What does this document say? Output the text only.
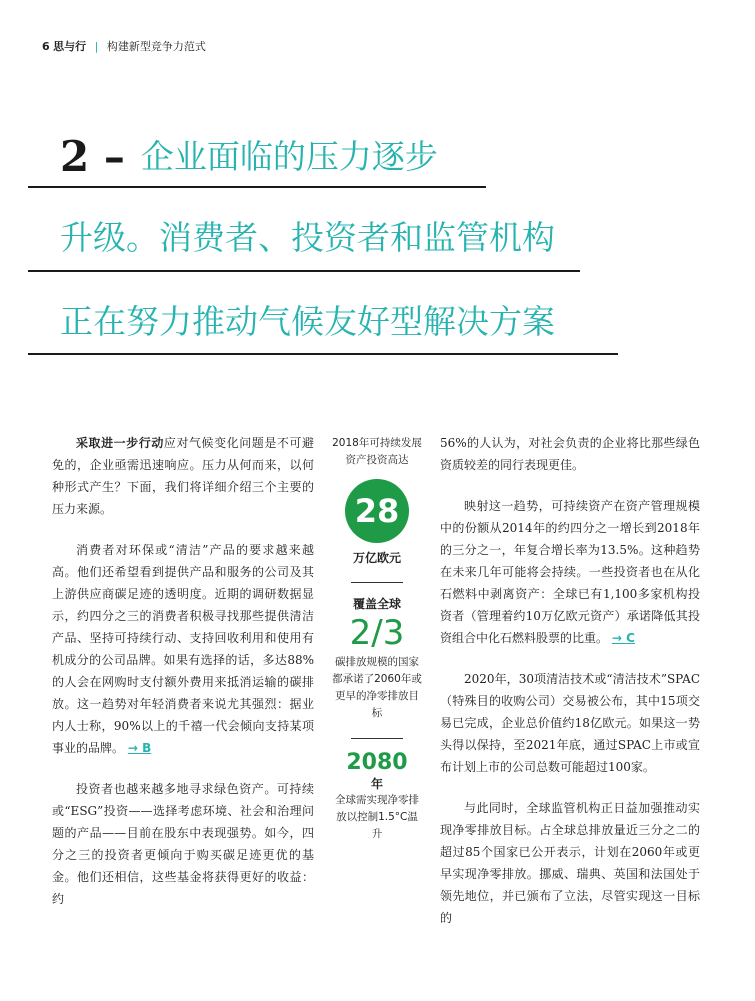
6 思与行 | 构建新型竞争力范式
2 – 企业面临的压力逐步
升级。消费者、投资者和监管机构
正在努力推动气候友好型解决方案

采取进一步行动应对气候变化问题是不可避免的，企业亟需迅速响应。压力从何而来，以何种形式产生？下面，我们将详细介绍三个主要的压力来源。

消费者对环保或“清洁”产品的要求越来越高。他们还希望看到提供产品和服务的公司及其上游供应商碳足迹的透明度。近期的调研数据显示，约四分之三的消费者积极寻找那些提供清洁产品、坚持可持续行动、支持回收利用和使用有机成分的公司品牌。如果有选择的话，多达88%的人会在网购时支付额外费用来抵消运输的碳排放。这一趋势对年轻消费者来说尤其强烈：据业内人士称，90%以上的千禧一代会倾向支持某项事业的品牌。 → B

投资者也越来越多地寻求绿色资产。可持续或“ESG”投资——选择考虑环境、社会和治理问题的产品——目前在股东中表现强势。如今，四分之三的投资者更倾向于购买碳足迹更优的基金。他们还相信，这些基金将获得更好的收益：约

2018年可持续发展资产投资高达
28
万亿欧元
覆盖全球
2/3
碳排放规模的国家都承诺了2060年或更早的净零排放目标
2080
年
全球需实现净零排放以控制1.5°C温升

56%的人认为，对社会负责的企业将比那些绿色资质较差的同行表现更佳。

映射这一趋势，可持续资产在资产管理规模中的份额从2014年的约四分之一增长到2018年的三分之一，年复合增长率为13.5%。这种趋势在未来几年可能将会持续。一些投资者也在从化石燃料中剥离资产：全球已有1,100多家机构投资者（管理着约10万亿欧元资产）承诺降低其投资组合中化石燃料股票的比重。 → C

2020年，30项清洁技术或“清洁技术”SPAC（特殊目的收购公司）交易被公布，其中15项交易已完成，企业总价值约18亿欧元。如果这一势头得以保持，至2021年底，通过SPAC上市或宣布计划上市的公司总数可能超过100家。

与此同时，全球监管机构正日益加强推动实现净零排放目标。占全球总排放量近三分之二的超过85个国家已公开表示，计划在2060年或更早实现净零排放。挪威、瑞典、英国和法国处于领先地位，并已颁布了立法，尽管实现这一目标的
